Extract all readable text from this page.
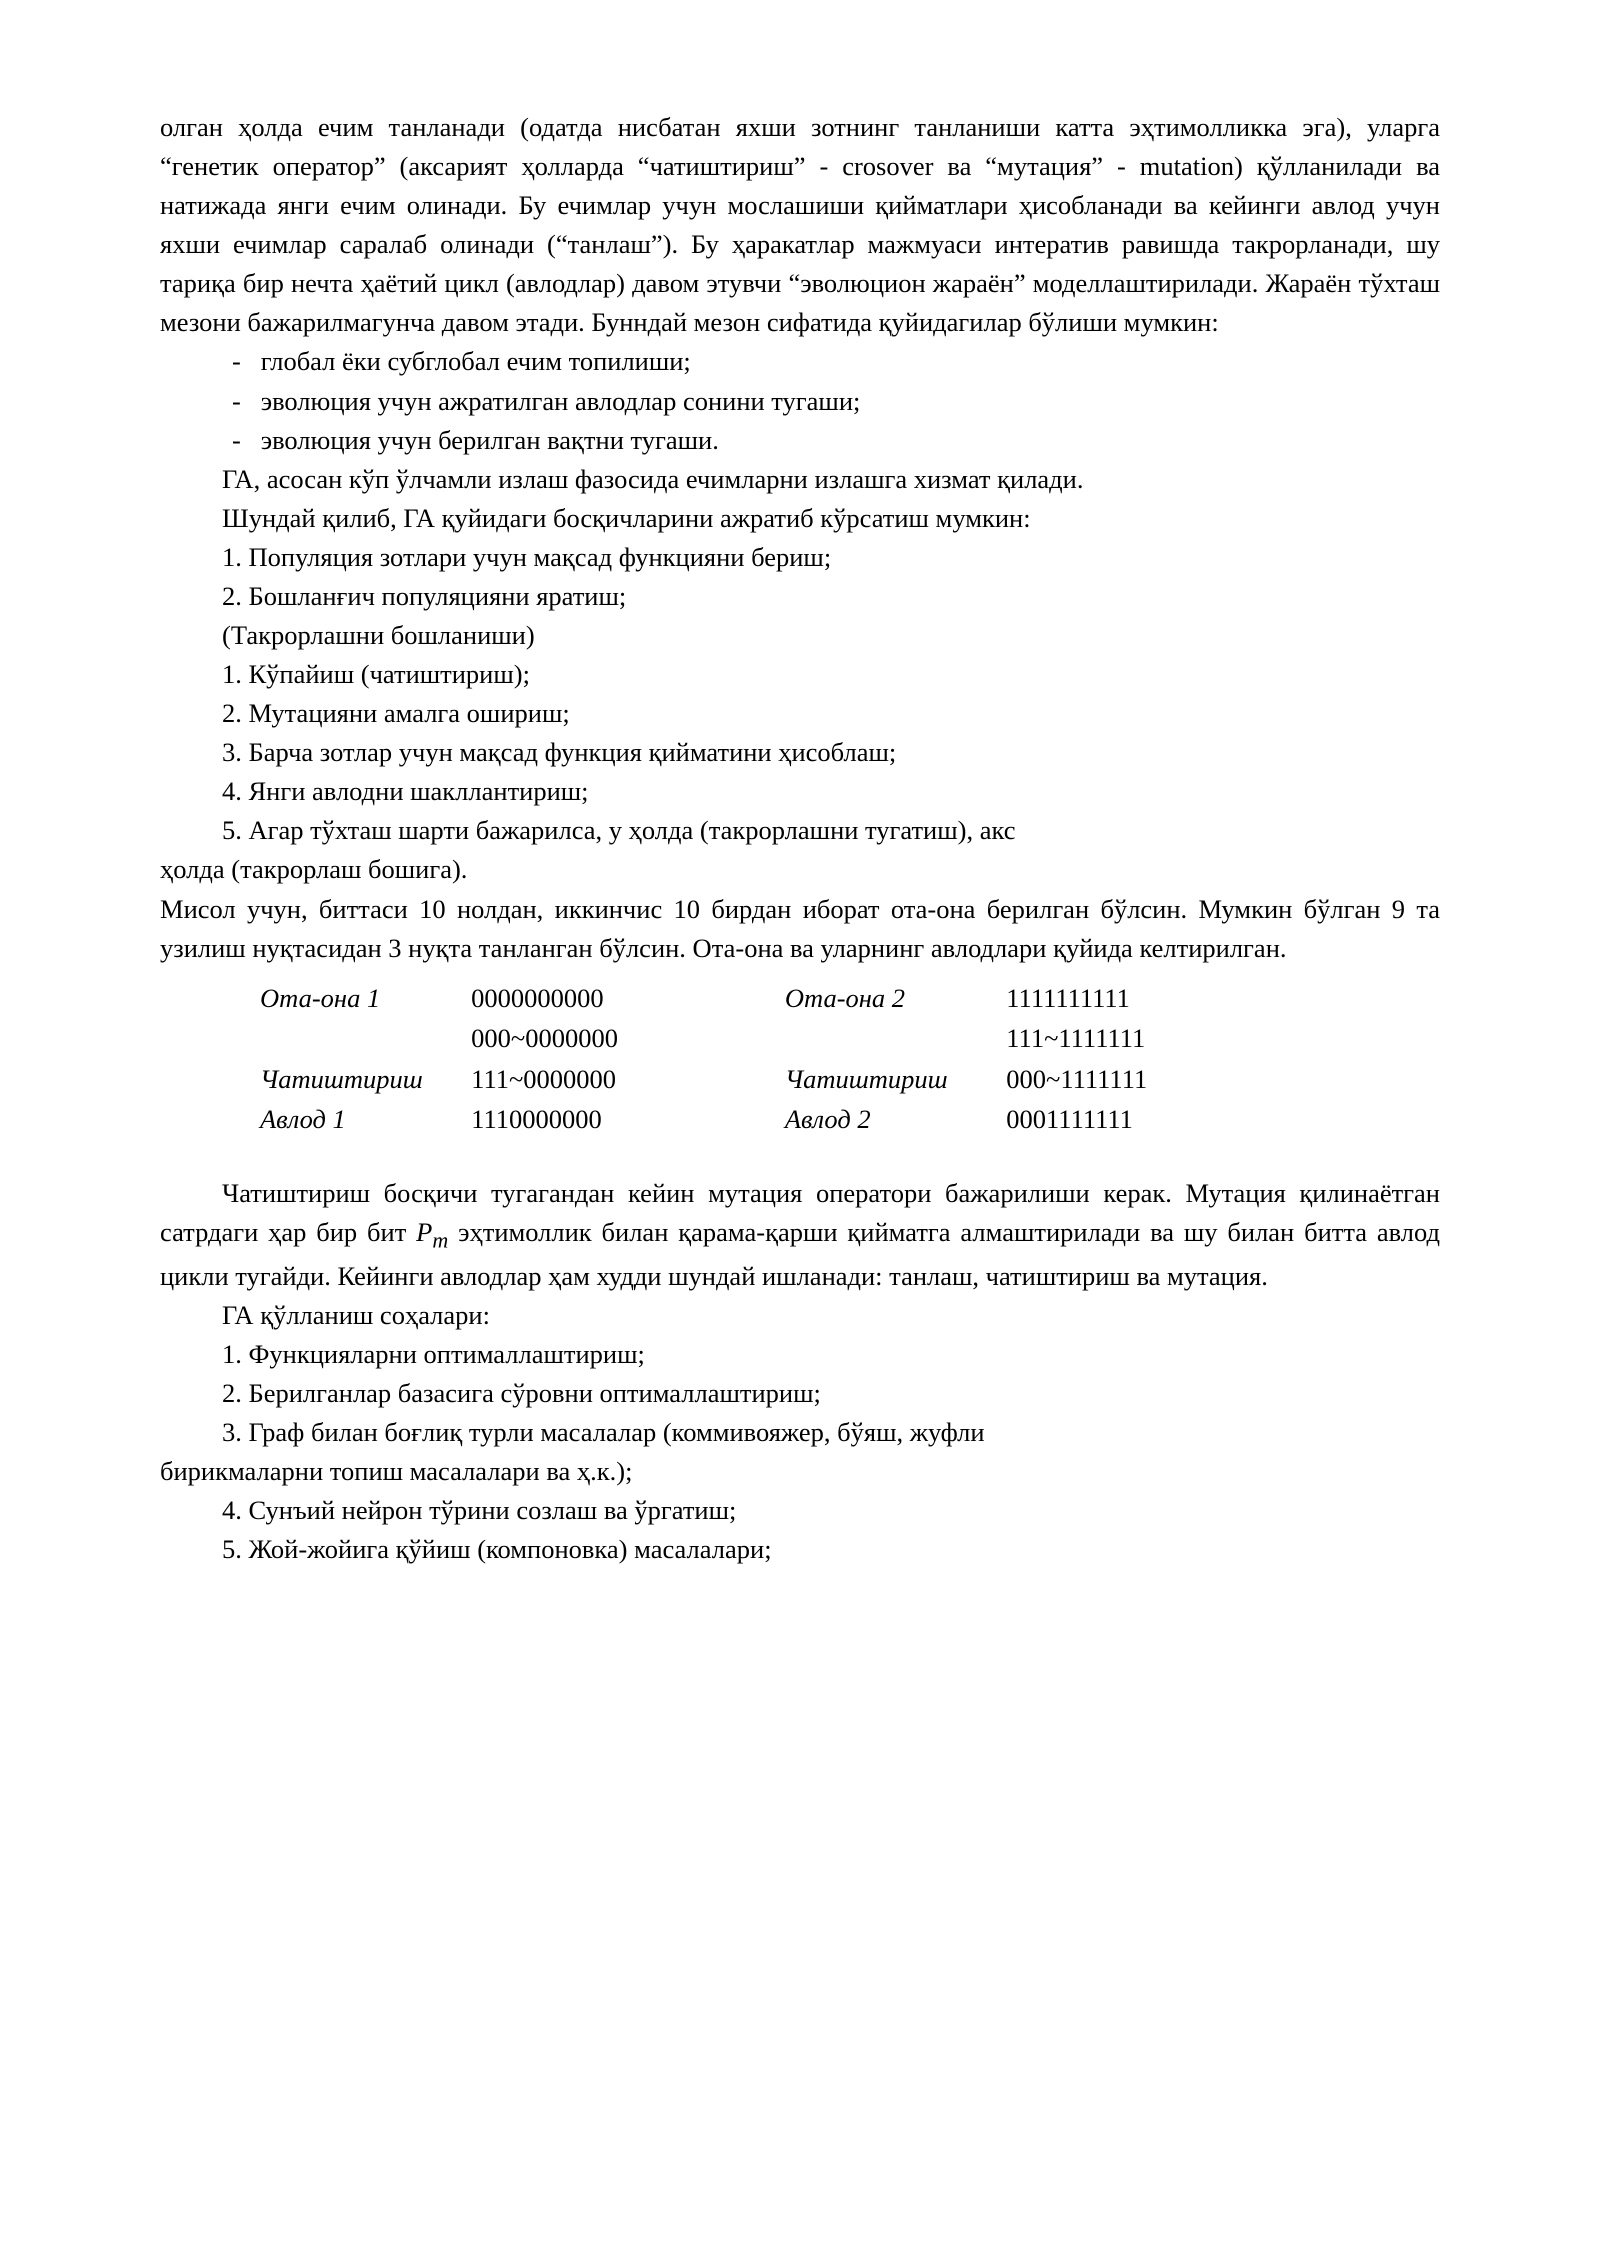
олган ҳолда ечим танланади (одатда нисбатан яхши зотнинг танланиши катта эҳтимолликка эга), уларга “генетик оператор” (аксарият ҳолларда “чатиштириш” - crosover ва “мутация” - mutation) қўлланилади ва натижада янги ечим олинади. Бу ечимлар учун мослашиши қийматлари ҳисобланади ва кейинги авлод учун яхши ечимлар саралаб олинади (“танлаш”). Бу ҳаракатлар мажмуаси интератив равишда такрорланади, шу тариқа бир нечта ҳаётий цикл (авлодлар) давом этувчи “эволюцион жараён” моделлаштирилади. Жараён тўхташ мезони бажарилмагунча давом этади. Бунндай мезон сифатида қуйидагилар бўлиши мумкин:

-   глобал ёки субглобал ечим топилиши;

-   эволюция учун ажратилган авлодлар сонини тугаши;

-   эволюция учун берилган вақтни тугаши.

ГА, асосан кўп ўлчамли излаш фазосида ечимларни излашга хизмат қилади.

Шундай қилиб, ГА қуйидаги босқичларини ажратиб кўрсатиш мумкин:

1. Популяция зотлари учун мақсад функцияни бериш;

2. Бошланғич популяцияни яратиш;

(Такрорлашни бошланиши)

1. Кўпайиш (чатиштириш);

2. Мутацияни амалга ошириш;

3. Барча зотлар учун мақсад функция қийматини ҳисоблаш;

4. Янги авлодни шакллантириш;

5. Агар тўхташ шарти бажарилса, у ҳолда (такрорлашни тугатиш), акс

ҳолда (такрорлаш бошига).

Мисол учун, биттаси 10 нолдан, иккинчис 10 бирдан иборат ота-она берилган бўлсин. Мумкин бўлган 9 та узилиш нуқтасидан 3 нуқта танланган бўлсин. Ота-она ва уларнинг авлодлари қуйида келтирилган.

Ота-она 1	0000000000	Ота-она 2	1111111111
	000~0000000		111~1111111
Чатиштириш	111~0000000	Чатиштириш	000~1111111
Авлод 1	1110000000	Авлод 2	0001111111

Чатиштириш босқичи тугагандан кейин мутация оператори бажарилиши керак. Мутация қилинаётган сатрдаги ҳар бир бит $P_m$ эҳтимоллик билан қарама-қарши қийматга алмаштирилади ва шу билан битта авлод цикли тугайди. Кейинги авлодлар ҳам худди шундай ишланади: танлаш, чатиштириш ва мутация.

ГА қўлланиш соҳалари:

1. Функцияларни оптималлаштириш;

2. Берилганлар базасига сўровни оптималлаштириш;

3. Граф билан боғлиқ турли масалалар (коммивояжер, бўяш, жуфли

бирикмаларни топиш масалалари ва ҳ.к.);

4. Сунъий нейрон тўрини созлаш ва ўргатиш;

5. Жой-жойига қўйиш (компоновка) масалалари;
